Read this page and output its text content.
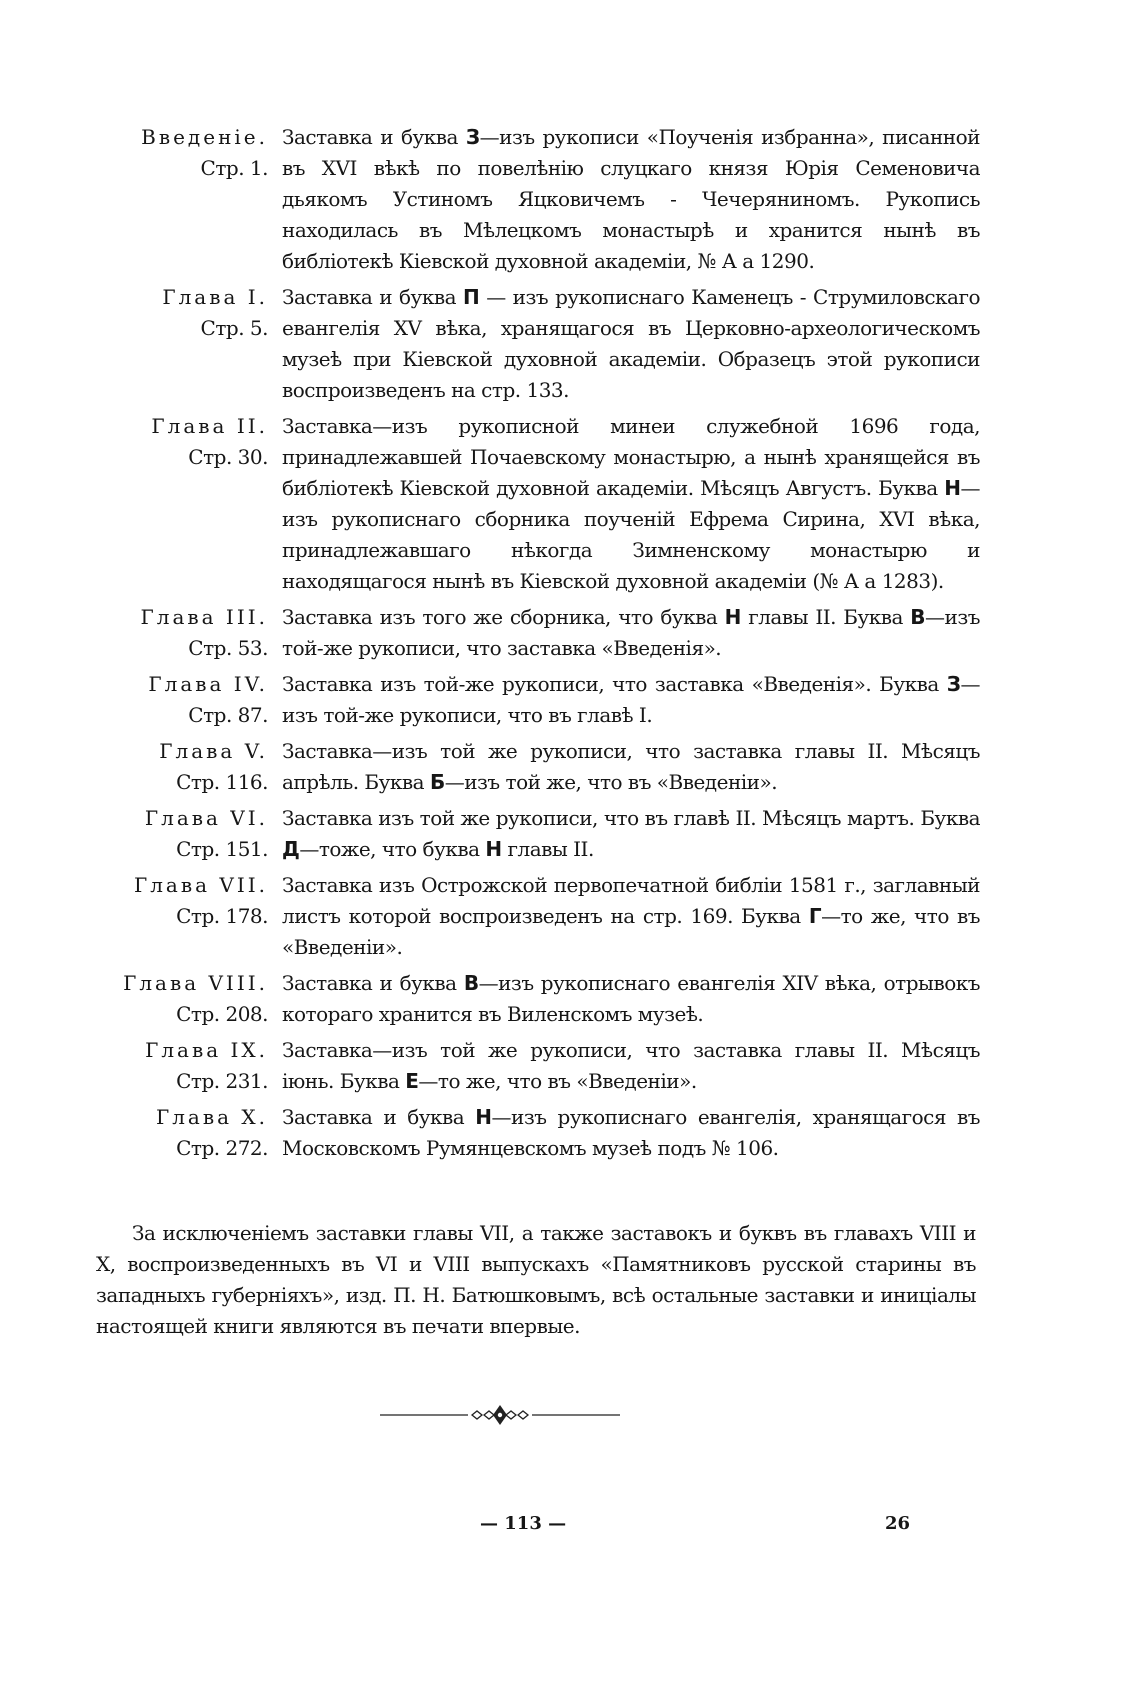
Введеніе.
Стр. 1.
Заставка и буква З—изъ рукописи «Поученія избранна», писанной въ XVI вѣкѣ по повелѣнію слуцкаго князя Юрія Семеновича дьякомъ Устиномъ Яцковичемъ - Чечеряниномъ. Рукопись находилась въ Мѣлецкомъ монастырѣ и хранится нынѣ въ библіотекѣ Кіевской духовной академіи, № А а 1290.
Глава I.
Стр. 5.
Заставка и буква П — изъ рукописнаго Каменецъ - Струмиловскаго евангелія XV вѣка, хранящагося въ Церковно-археологическомъ музеѣ при Кіевской духовной академіи. Образецъ этой рукописи воспроизведенъ на стр. 133.
Глава II.
Стр. 30.
Заставка—изъ рукописной минеи служебной 1696 года, принадлежавшей Почаевскому монастырю, а нынѣ хранящейся въ библіотекѣ Кіевской духовной академіи. Мѣсяцъ Августъ. Буква Н—изъ рукописнаго сборника поученій Ефрема Сирина, XVI вѣка, принадлежавшаго нѣкогда Зимненскому монастырю и находящагося нынѣ въ Кіевской духовной академіи (№ А а 1283).
Глава III.
Стр. 53.
Заставка изъ того же сборника, что буква Н главы II. Буква В—изъ той-же рукописи, что заставка «Введенія».
Глава IV.
Стр. 87.
Заставка изъ той-же рукописи, что заставка «Введенія». Буква З—изъ той-же рукописи, что въ главѣ I.
Глава V.
Стр. 116.
Заставка—изъ той же рукописи, что заставка главы II. Мѣсяцъ апрѣль. Буква Б—изъ той же, что въ «Введеніи».
Глава VI.
Стр. 151.
Заставка изъ той же рукописи, что въ главѣ II. Мѣсяцъ мартъ. Буква Д—тоже, что буква Н главы II.
Глава VII.
Стр. 178.
Заставка изъ Острожской первопечатной библіи 1581 г., заглавный листъ которой воспроизведенъ на стр. 169. Буква Г—то же, что въ «Введеніи».
Глава VIII.
Стр. 208.
Заставка и буква В—изъ рукописнаго евангелія XIV вѣка, отрывокъ котораго хранится въ Виленскомъ музеѣ.
Глава IX.
Стр. 231.
Заставка—изъ той же рукописи, что заставка главы II. Мѣсяцъ іюнь. Буква Е—то же, что въ «Введеніи».
Глава X.
Стр. 272.
Заставка и буква Н—изъ рукописнаго евангелія, хранящагося въ Московскомъ Румянцевскомъ музеѣ подъ № 106.
За исключеніемъ заставки главы VII, а также заставокъ и буквъ въ главахъ VIII и X, воспроизведенныхъ въ VI и VIII выпускахъ «Памятниковъ русской старины въ западныхъ губерніяхъ», изд. П. Н. Батюшковымъ, всѣ остальные заставки и иниціалы настоящей книги являются въ печати впервые.
— 113 —	26
